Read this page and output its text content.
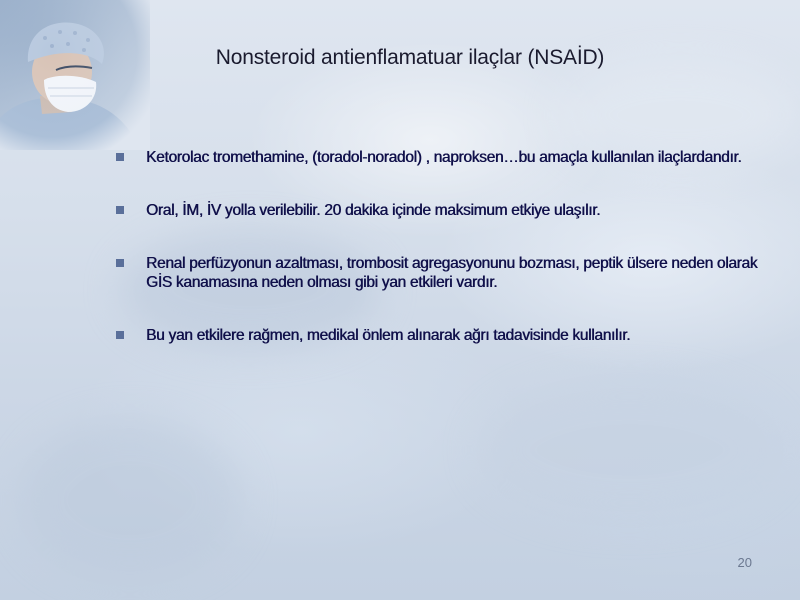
Nonsteroid antienflamatuar ilaçlar (NSAİD)
Ketorolac tromethamine, (toradol-noradol) , naproksen…bu amaçla kullanılan ilaçlardandır.
Oral, İM, İV yolla verilebilir. 20 dakika içinde maksimum etkiye ulaşılır.
Renal perfüzyonun azaltması, trombosit agregasyonunu bozması, peptik ülsere neden olarak GİS kanamasına neden olması gibi yan etkileri vardır.
Bu yan etkilere rağmen, medikal önlem alınarak ağrı tadavisinde kullanılır.
20
